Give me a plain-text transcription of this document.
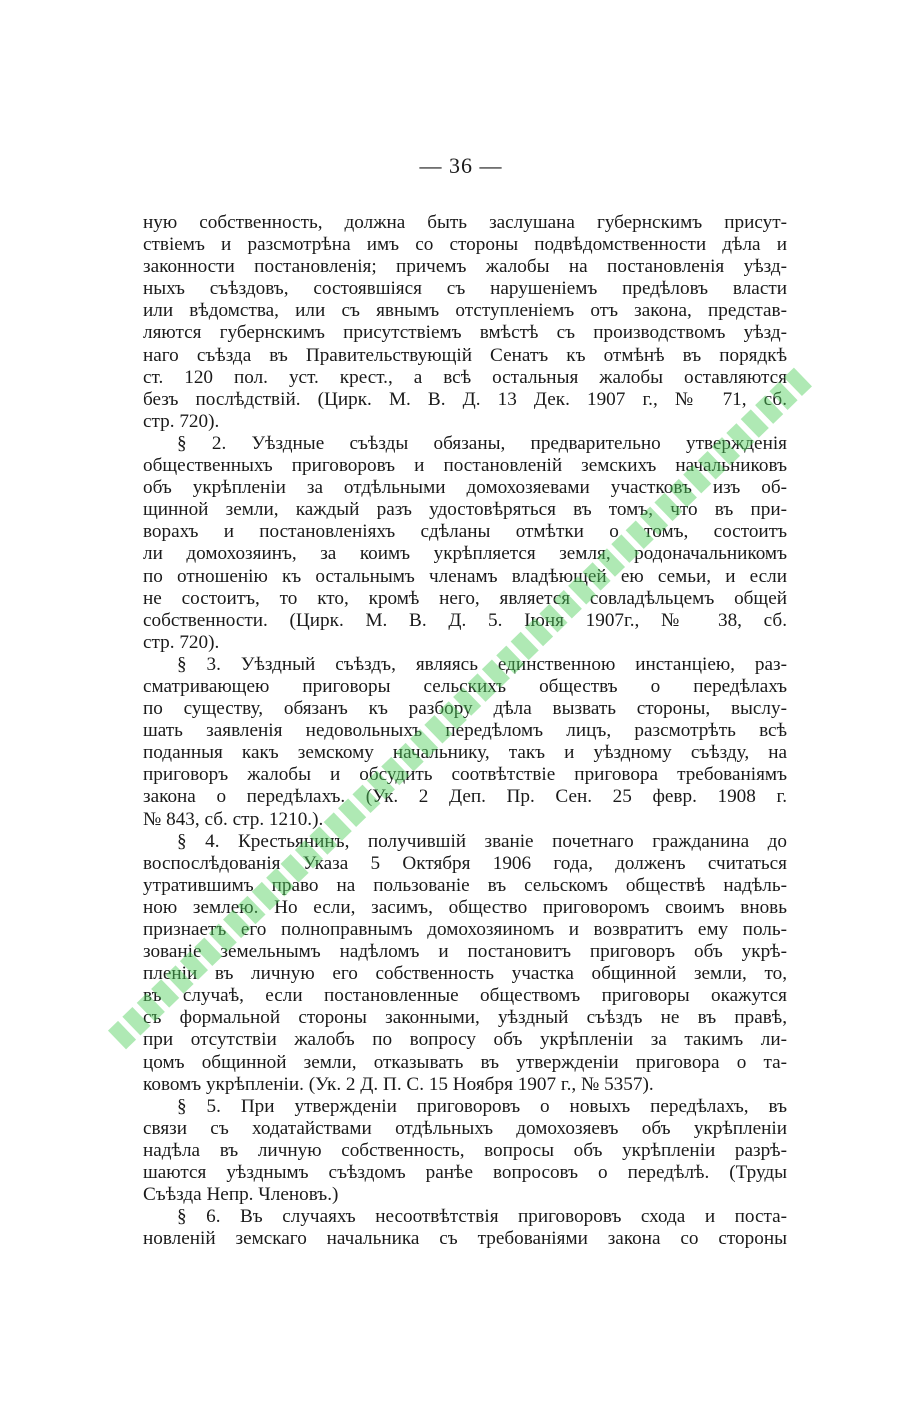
— 36 —
ную собственность, должна быть заслушана губернскимъ присут-
ствіемъ и разсмотрѣна имъ со стороны подвѣдомственности дѣла и
законности постановленія; причемъ жалобы на постановленія уѣзд-
ныхъ съѣздовъ, состоявшіяся съ нарушеніемъ предѣловъ власти
или вѣдомства, или съ явнымъ отступленіемъ отъ закона, представ-
ляются губернскимъ присутствіемъ вмѣстѣ съ производствомъ уѣзд-
наго съѣзда въ Правительствующій Сенатъ къ отмѣнѣ въ порядкѣ
ст. 120 пол. уст. крест., а всѣ остальныя жалобы оставляются
безъ послѣдствій. (Цирк. М. В. Д. 13 Дек. 1907 г., № 71, сб.
стр. 720).
§ 2. Уѣздные съѣзды обязаны, предварительно утвержденія
общественныхъ приговоровъ и постановленій земскихъ начальниковъ
объ укрѣпленіи за отдѣльными домохозяевами участковъ изъ об-
щинной земли, каждый разъ удостовѣряться въ томъ, что въ при-
ворахъ и постановленіяхъ сдѣланы отмѣтки о томъ, состоитъ
ли домохозяинъ, за коимъ укрѣпляется земля, родоначальникомъ
по отношенію къ остальнымъ членамъ владѣющей ею семьи, и если
не состоитъ, то кто, кромѣ него, является совладѣльцемъ общей
собственности. (Цирк. М. В. Д. 5. Іюня 1907г., № 38, сб.
стр. 720).
§ 3. Уѣздный съѣздъ, являясь единственною инстанціею, раз-
сматривающею приговоры сельскихъ обществъ о передѣлахъ
по существу, обязанъ къ разбору дѣла вызвать стороны, выслу-
шать заявленія недовольныхъ передѣломъ лицъ, разсмотрѣть всѣ
поданныя какъ земскому начальнику, такъ и уѣздному съѣзду, на
приговоръ жалобы и обсудить соотвѣтствіе приговора требованіямъ
закона о передѣлахъ. (Ук. 2 Деп. Пр. Сен. 25 февр. 1908 г.
№ 843, сб. стр. 1210.).
§ 4. Крестьянинъ, получившій званіе почетнаго гражданина до
воспослѣдованія Указа 5 Октября 1906 года, долженъ считаться
утратившимъ право на пользованіе въ сельскомъ обществѣ надѣль-
ною землею. Но если, засимъ, общество приговоромъ своимъ вновь
признаетъ его полноправнымъ домохозяиномъ и возвратитъ ему поль-
зованіе земельнымъ надѣломъ и постановитъ приговоръ объ укрѣ-
пленіи въ личную его собственность участка общинной земли, то,
въ случаѣ, если постановленные обществомъ приговоры окажутся
съ формальной стороны законными, уѣздный съѣздъ не въ правѣ,
при отсутствіи жалобъ по вопросу объ укрѣпленіи за такимъ ли-
цомъ общинной земли, отказывать въ утвержденіи приговора о та-
ковомъ укрѣпленіи. (Ук. 2 Д. П. С. 15 Ноября 1907 г., № 5357).
§ 5. При утвержденіи приговоровъ о новыхъ передѣлахъ, въ
связи съ ходатайствами отдѣльныхъ домохозяевъ объ укрѣпленіи
надѣла въ личную собственность, вопросы объ укрѣпленіи разрѣ-
шаются уѣзднымъ съѣздомъ ранѣе вопросовъ о передѣлѣ. (Труды
Съѣзда Непр. Членовъ.)
§ 6. Въ случаяхъ несоотвѣтствія приговоровъ схода и поста-
новленій земскаго начальника съ требованіями закона со стороны
